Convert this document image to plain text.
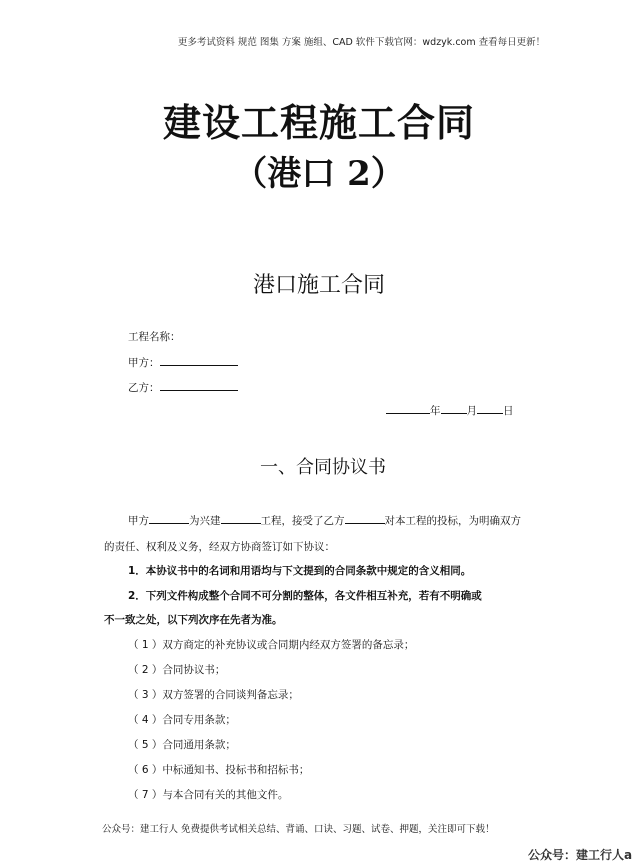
更多考试资料 规范 图集 方案 施组、CAD 软件下载官网：wdzyk.com 查看每日更新！
建设工程施工合同
（港口 2）
港口施工合同
工程名称：
甲方：
乙方：
年 月 日
一、合同协议书
甲方	为兴建	工程，接受了乙方	对本工程的投标，为明确双方
的责任、权利及义务，经双方协商签订如下协议：
1．本协议书中的名词和用语均与下文提到的合同条款中规定的含义相同。
2．下列文件构成整个合同不可分割的整体，各文件相互补充，若有不明确或
不一致之处，以下列次序在先者为准。
（ 1 ）双方商定的补充协议或合同期内经双方签署的备忘录；
（ 2 ）合同协议书；
（ 3 ）双方签署的合同谈判备忘录；
（ 4 ）合同专用条款；
（ 5 ）合同通用条款；
（ 6 ）中标通知书、投标书和招标书；
（ 7 ）与本合同有关的其他文件。
公众号：建工行人 免费提供考试相关总结、背诵、口诀、习题、试卷、押题，关注即可下载！
公众号：建工行人a
